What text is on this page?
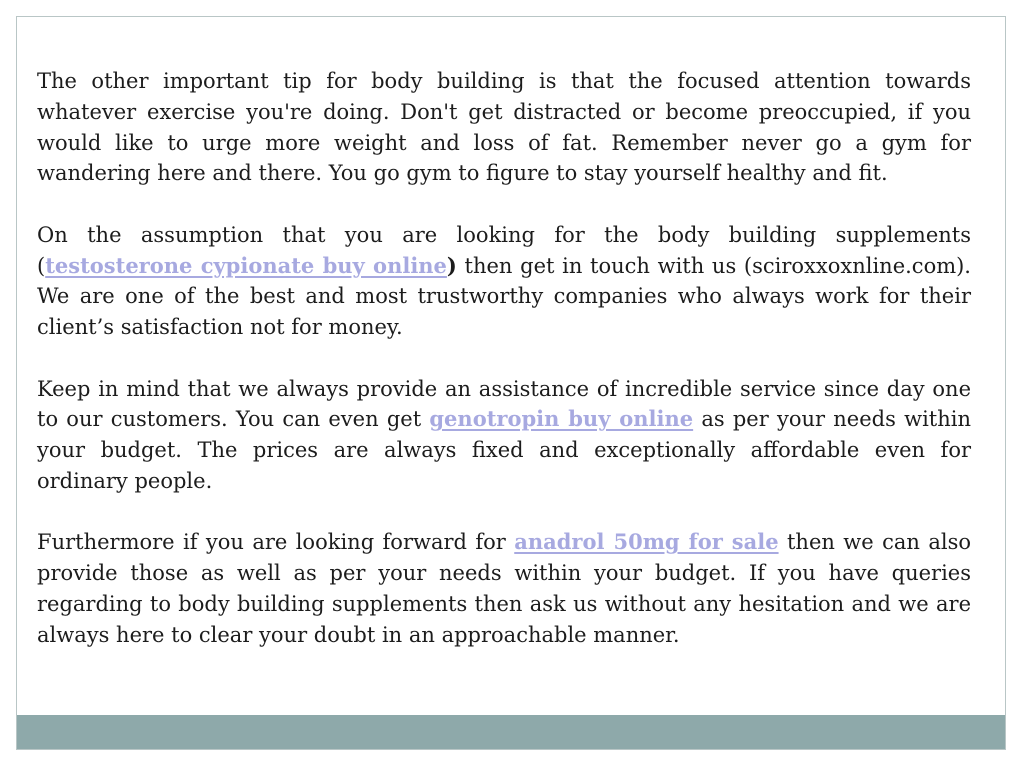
The other important tip for body building is that the focused attention towards whatever exercise you're doing. Don't get distracted or become preoccupied, if you would like to urge more weight and loss of fat. Remember never go a gym for wandering here and there. You go gym to figure to stay yourself healthy and fit.

On the assumption that you are looking for the body building supplements (testosterone cypionate buy online) then get in touch with us (sciroxxoxnline.com). We are one of the best and most trustworthy companies who always work for their client’s satisfaction not for money.

Keep in mind that we always provide an assistance of incredible service since day one to our customers. You can even get genotropin buy online as per your needs within your budget. The prices are always fixed and exceptionally affordable even for ordinary people.

Furthermore if you are looking forward for anadrol 50mg for sale then we can also provide those as well as per your needs within your budget. If you have queries regarding to body building supplements then ask us without any hesitation and we are always here to clear your doubt in an approachable manner.
